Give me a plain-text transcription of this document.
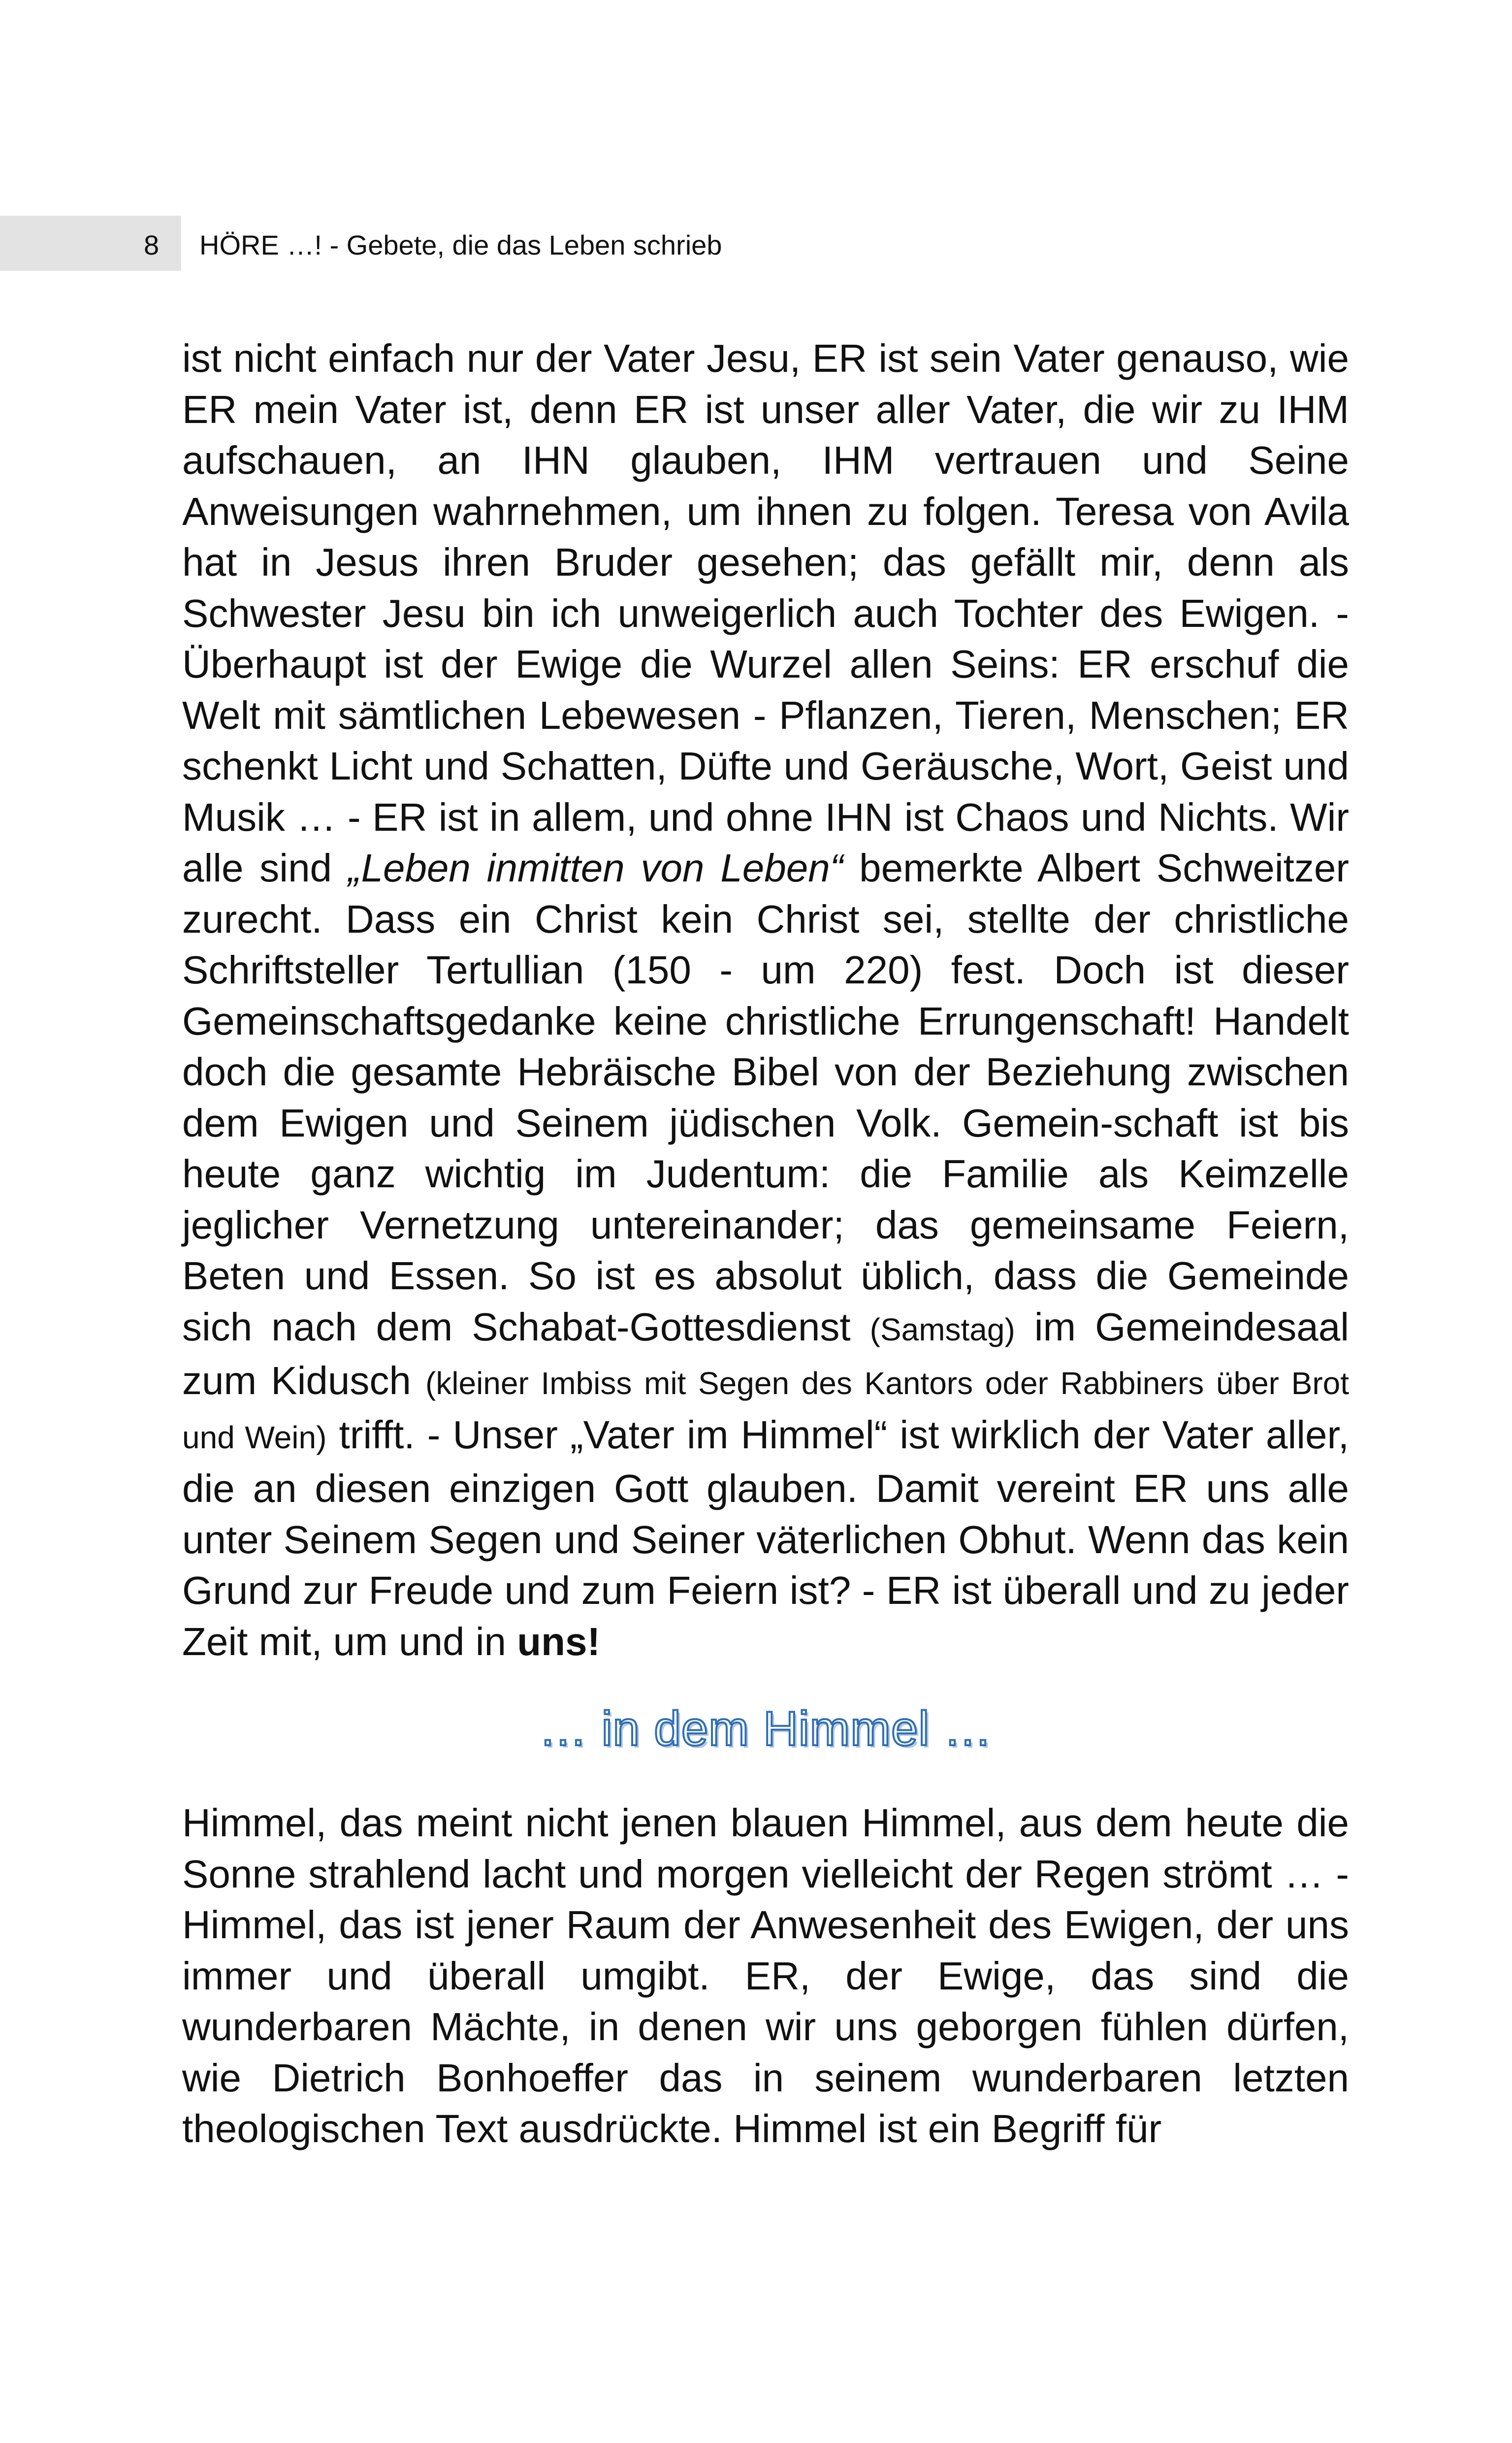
8 HÖRE …! - Gebete, die das Leben schrieb
ist nicht einfach nur der Vater Jesu, ER ist sein Vater genauso, wie ER mein Vater ist, denn ER ist unser aller Vater, die wir zu IHM aufschauen, an IHN glauben, IHM vertrauen und Seine Anweisungen wahrnehmen, um ihnen zu folgen. Teresa von Avila hat in Jesus ihren Bruder gesehen; das gefällt mir, denn als Schwester Jesu bin ich unweigerlich auch Tochter des Ewigen. - Überhaupt ist der Ewige die Wurzel allen Seins: ER erschuf die Welt mit sämtlichen Lebewesen - Pflanzen, Tieren, Menschen; ER schenkt Licht und Schatten, Düfte und Geräusche, Wort, Geist und Musik … - ER ist in allem, und ohne IHN ist Chaos und Nichts. Wir alle sind „Leben inmitten von Leben“ bemerkte Albert Schweitzer zurecht. Dass ein Christ kein Christ sei, stellte der christliche Schriftsteller Tertullian (150 - um 220) fest. Doch ist dieser Gemeinschaftsgedanke keine christliche Errungenschaft! Handelt doch die gesamte Hebräische Bibel von der Beziehung zwischen dem Ewigen und Seinem jüdischen Volk. Gemein-schaft ist bis heute ganz wichtig im Judentum: die Familie als Keimzelle jeglicher Vernetzung untereinander; das gemeinsame Feiern, Beten und Essen. So ist es absolut üblich, dass die Gemeinde sich nach dem Schabat-Gottesdienst (Samstag) im Gemeindesaal zum Kidusch (kleiner Imbiss mit Segen des Kantors oder Rabbiners über Brot und Wein) trifft. - Unser „Vater im Himmel“ ist wirklich der Vater aller, die an diesen einzigen Gott glauben. Damit vereint ER uns alle unter Seinem Segen und Seiner väterlichen Obhut. Wenn das kein Grund zur Freude und zum Feiern ist? - ER ist überall und zu jeder Zeit mit, um und in uns!
… in dem Himmel …
Himmel, das meint nicht jenen blauen Himmel, aus dem heute die Sonne strahlend lacht und morgen vielleicht der Regen strömt … - Himmel, das ist jener Raum der Anwesenheit des Ewigen, der uns immer und überall umgibt. ER, der Ewige, das sind die wunderbaren Mächte, in denen wir uns geborgen fühlen dürfen, wie Dietrich Bonhoeffer das in seinem wunderbaren letzten theologischen Text ausdrückte. Himmel ist ein Begriff für
